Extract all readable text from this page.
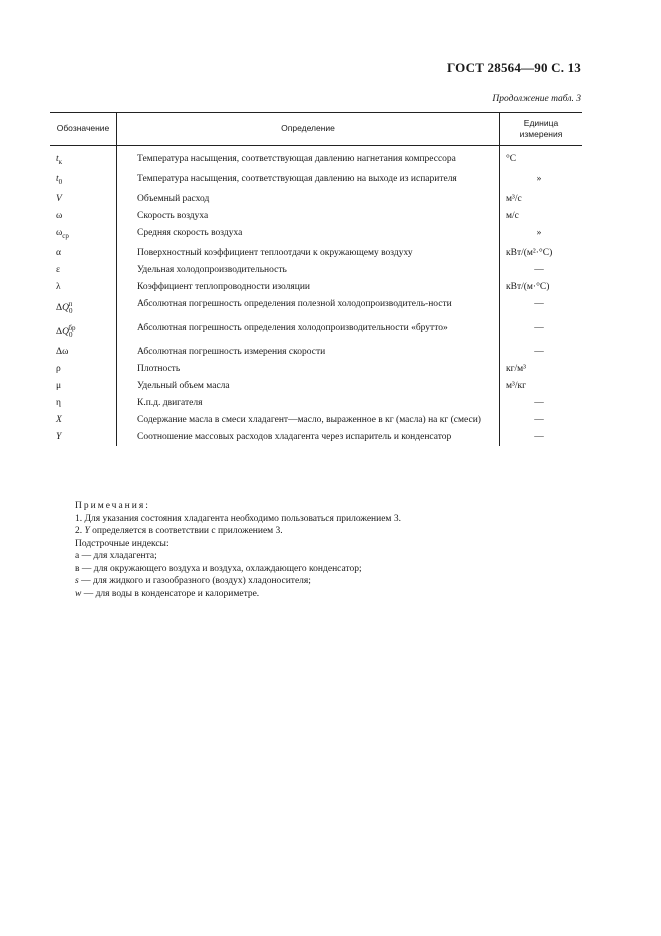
ГОСТ 28564—90 С. 13
Продолжение табл. 3
Обозначение	Определение	Единица измерения
$t_к$	Температура насыщения, соответствующая давлению нагнетания компрессора	°С
$t_0$	Температура насыщения, соответствующая давлению на выходе из испарителя	»
V	Объемный расход	м³/с
ω	Скорость воздуха	м/с
$\omega_{ср}$	Средняя скорость воздуха	»
α	Поверхностный коэффициент теплоотдачи к окружающему воздуху	кВт/(м²·°С)
ε	Удельная холодопроизводительность	—
λ	Коэффициент теплопроводности изоляции	кВт/(м·°С)
$\Delta Q_0^п$	Абсолютная погрешность определения полезной холодопроизводитель-ности	—
$\Delta Q_0^{бр}$	Абсолютная погрешность определения холодопроизводительности «брутто»	—
Δω	Абсолютная погрешность измерения скорости	—
ρ	Плотность	кг/м³
μ	Удельный объем масла	м³/кг
η	К.п.д. двигателя	—
X	Содержание масла в смеси хладагент—масло, выраженное в кг (масла) на кг (смеси)	—
Y	Соотношение массовых расходов хладагента через испаритель и конденсатор	—
Примечания:
1. Для указания состояния хладагента необходимо пользоваться приложением 3.
2. Y определяется в соответствии с приложением 3.
Подстрочные индексы:
а — для хладагента;
в — для окружающего воздуха и воздуха, охлаждающего конденсатор;
s — для жидкого и газообразного (воздух) хладоносителя;
w — для воды в конденсаторе и калориметре.
